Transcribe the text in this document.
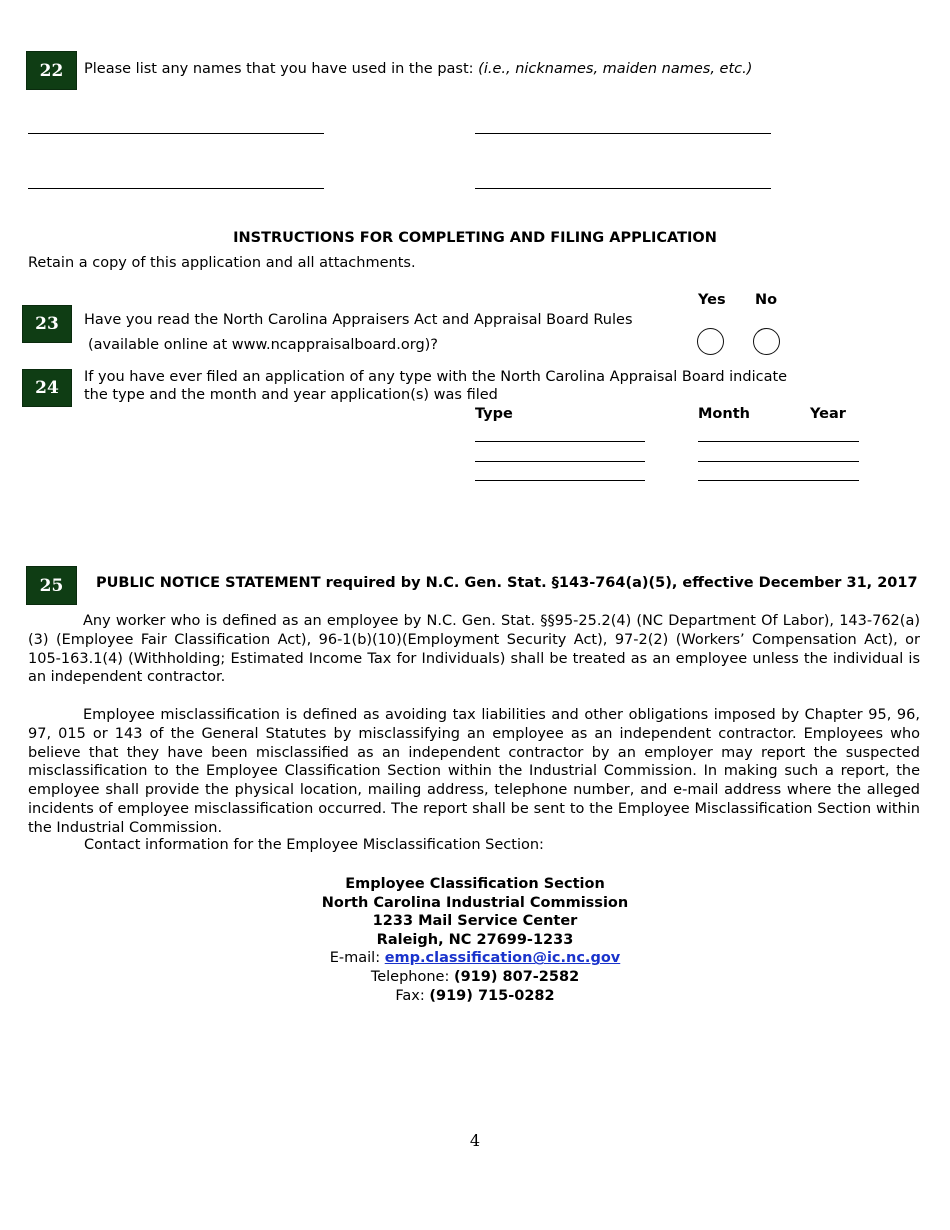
22 Please list any names that you have used in the past: (i.e., nicknames, maiden names, etc.)
INSTRUCTIONS FOR COMPLETING AND FILING APPLICATION
Retain a copy of this application and all attachments.
Yes No
23 Have you read the North Carolina Appraisers Act and Appraisal Board Rules
(available online at www.ncappraisalboard.org)?
24
If you have ever filed an application of any type with the North Carolina Appraisal Board indicate
the type and the month and year application(s) was filed
Type	Month	Year
25 PUBLIC NOTICE STATEMENT required by N.C. Gen. Stat. §143-764(a)(5), effective December 31, 2017
Any worker who is defined as an employee by N.C. Gen. Stat. §§95-25.2(4) (NC Department Of Labor), 143-762(a)(3) (Employee Fair Classification Act), 96-1(b)(10)(Employment Security Act), 97-2(2) (Workers’ Compensation Act), or 105-163.1(4) (Withholding; Estimated Income Tax for Individuals) shall be treated as an employee unless the individual is an independent contractor.
Employee misclassification is defined as avoiding tax liabilities and other obligations imposed by Chapter 95, 96, 97, 015 or 143 of the General Statutes by misclassifying an employee as an independent contractor. Employees who believe that they have been misclassified as an independent contractor by an employer may report the suspected misclassification to the Employee Classification Section within the Industrial Commission. In making such a report, the employee shall provide the physical location, mailing address, telephone number, and e-mail address where the alleged incidents of employee misclassification occurred. The report shall be sent to the Employee Misclassification Section within the Industrial Commission.
Contact information for the Employee Misclassification Section:
Employee Classification Section
North Carolina Industrial Commission
1233 Mail Service Center
Raleigh, NC 27699-1233
E-mail: emp.classification@ic.nc.gov
Telephone: (919) 807-2582
Fax: (919) 715-0282
4
